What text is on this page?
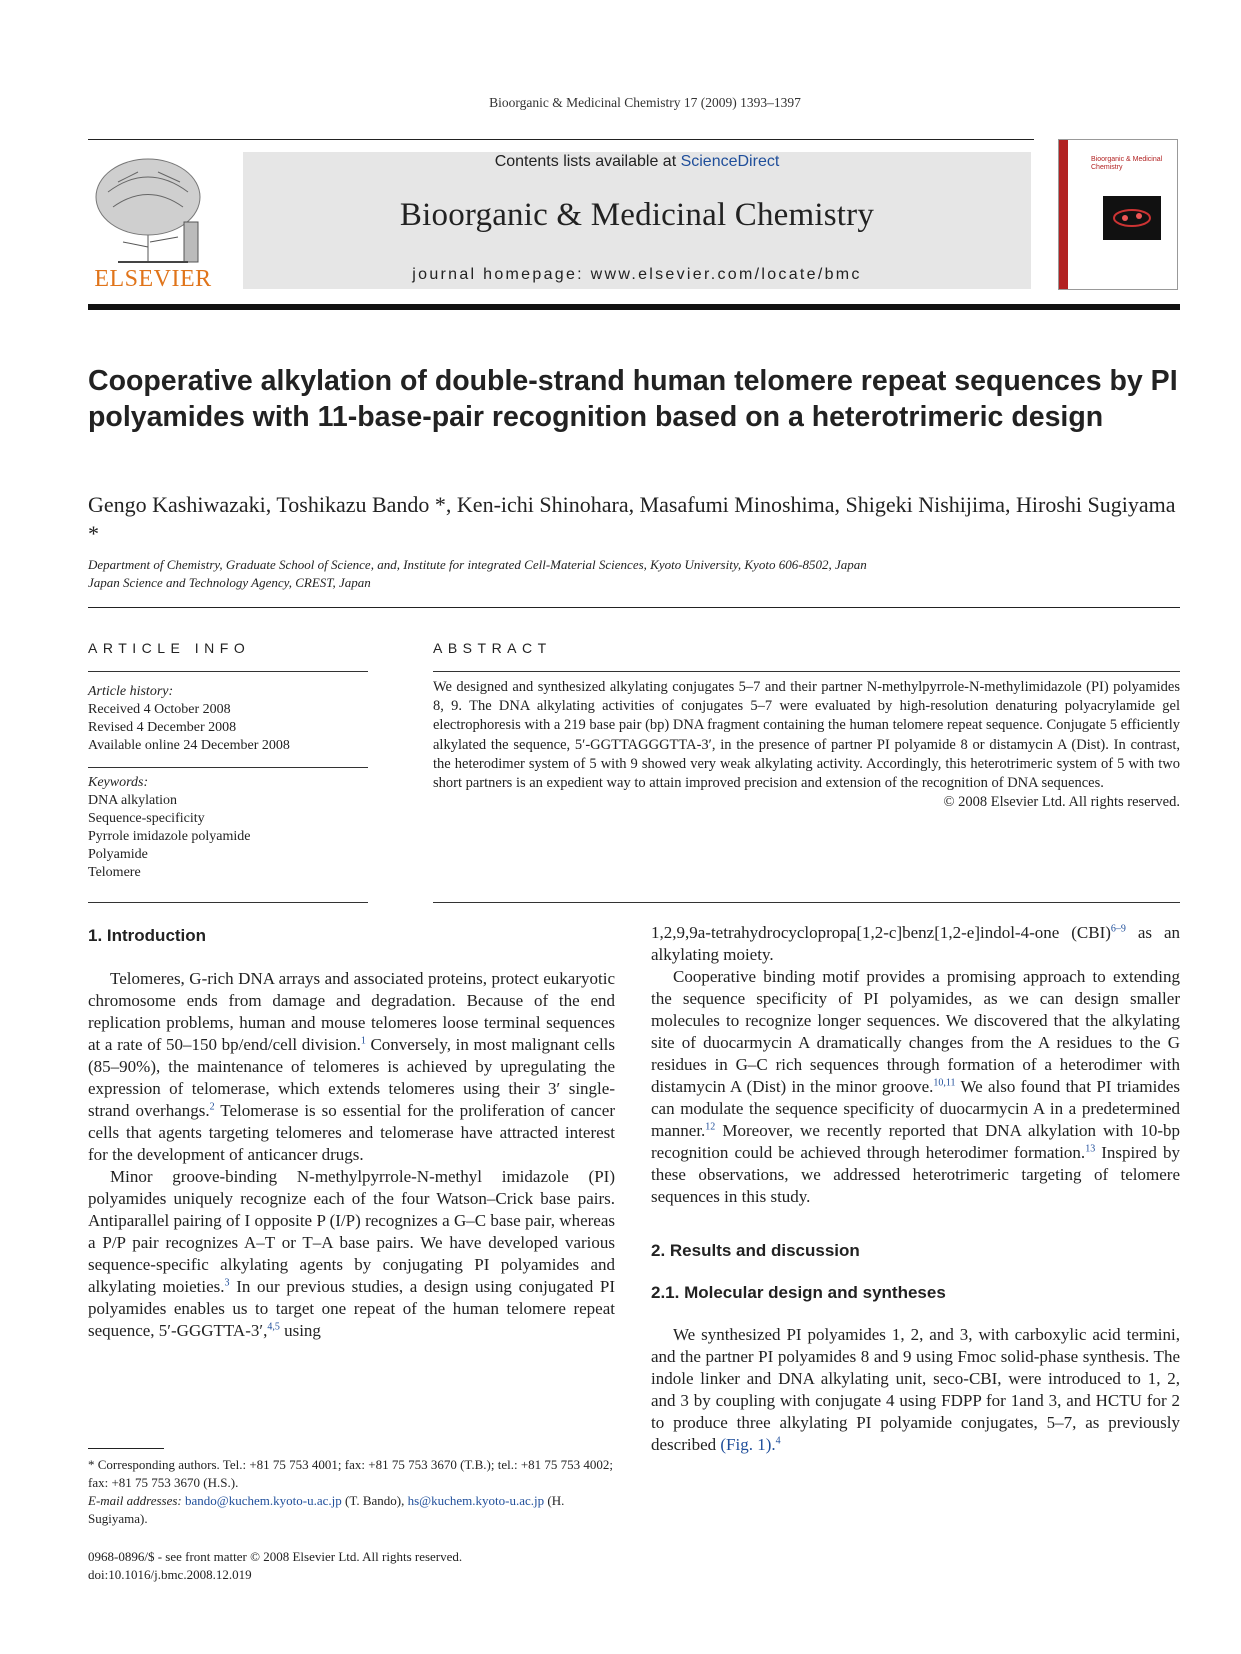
Bioorganic & Medicinal Chemistry 17 (2009) 1393–1397
ELSEVIER
Contents lists available at ScienceDirect
Bioorganic & Medicinal Chemistry
journal homepage: www.elsevier.com/locate/bmc
Bioorganic & Medicinal Chemistry
Cooperative alkylation of double-strand human telomere repeat sequences by PI polyamides with 11-base-pair recognition based on a heterotrimeric design
Gengo Kashiwazaki, Toshikazu Bando *, Ken-ichi Shinohara, Masafumi Minoshima, Shigeki Nishijima, Hiroshi Sugiyama *
Department of Chemistry, Graduate School of Science, and, Institute for integrated Cell-Material Sciences, Kyoto University, Kyoto 606-8502, Japan
Japan Science and Technology Agency, CREST, Japan
ARTICLE INFO
Article history:
Received 4 October 2008
Revised 4 December 2008
Available online 24 December 2008
Keywords:
DNA alkylation
Sequence-specificity
Pyrrole imidazole polyamide
Polyamide
Telomere
ABSTRACT

We designed and synthesized alkylating conjugates 5–7 and their partner N-methylpyrrole-N-methylimidazole (PI) polyamides 8, 9. The DNA alkylating activities of conjugates 5–7 were evaluated by high-resolution denaturing polyacrylamide gel electrophoresis with a 219 base pair (bp) DNA fragment containing the human telomere repeat sequence. Conjugate 5 efficiently alkylated the sequence, 5′-GGTTAGGGTTA-3′, in the presence of partner PI polyamide 8 or distamycin A (Dist). In contrast, the heterodimer system of 5 with 9 showed very weak alkylating activity. Accordingly, this heterotrimeric system of 5 with two short partners is an expedient way to attain improved precision and extension of the recognition of DNA sequences.

© 2008 Elsevier Ltd. All rights reserved.

1. Introduction

Telomeres, G-rich DNA arrays and associated proteins, protect eukaryotic chromosome ends from damage and degradation. Because of the end replication problems, human and mouse telomeres loose terminal sequences at a rate of 50–150 bp/end/cell division.$^1$ Conversely, in most malignant cells (85–90%), the maintenance of telomeres is achieved by upregulating the expression of telomerase, which extends telomeres using their 3′ single-strand overhangs.$^2$ Telomerase is so essential for the proliferation of cancer cells that agents targeting telomeres and telomerase have attracted interest for the development of anticancer drugs.

Minor groove-binding N-methylpyrrole-N-methyl imidazole (PI) polyamides uniquely recognize each of the four Watson–Crick base pairs. Antiparallel pairing of I opposite P (I/P) recognizes a G–C base pair, whereas a P/P pair recognizes A–T or T–A base pairs. We have developed various sequence-specific alkylating agents by conjugating PI polyamides and alkylating moieties.$^3$ In our previous studies, a design using conjugated PI polyamides enables us to target one repeat of the human telomere repeat sequence, 5′-GGGTTA-3′,$^{4,5}$ using

1,2,9,9a-tetrahydrocyclopropa[1,2-c]benz[1,2-e]indol-4-one (CBI)$^{6-9}$ as an alkylating moiety.

Cooperative binding motif provides a promising approach to extending the sequence specificity of PI polyamides, as we can design smaller molecules to recognize longer sequences. We discovered that the alkylating site of duocarmycin A dramatically changes from the A residues to the G residues in G–C rich sequences through formation of a heterodimer with distamycin A (Dist) in the minor groove.$^{10,11}$ We also found that PI triamides can modulate the sequence specificity of duocarmycin A in a predetermined manner.$^{12}$ Moreover, we recently reported that DNA alkylation with 10-bp recognition could be achieved through heterodimer formation.$^{13}$ Inspired by these observations, we addressed heterotrimeric targeting of telomere sequences in this study.

2. Results and discussion
2.1. Molecular design and syntheses

We synthesized PI polyamides 1, 2, and 3, with carboxylic acid termini, and the partner PI polyamides 8 and 9 using Fmoc solid-phase synthesis. The indole linker and DNA alkylating unit, seco-CBI, were introduced to 1, 2, and 3 by coupling with conjugate 4 using FDPP for 1and 3, and HCTU for 2 to produce three alkylating PI polyamide conjugates, 5–7, as previously described (Fig. 1).$^4$

* Corresponding authors. Tel.: +81 75 753 4001; fax: +81 75 753 3670 (T.B.); tel.: +81 75 753 4002; fax: +81 75 753 3670 (H.S.).
E-mail addresses: bando@kuchem.kyoto-u.ac.jp (T. Bando), hs@kuchem.kyoto-u.ac.jp (H. Sugiyama).
0968-0896/$ - see front matter © 2008 Elsevier Ltd. All rights reserved.
doi:10.1016/j.bmc.2008.12.019
